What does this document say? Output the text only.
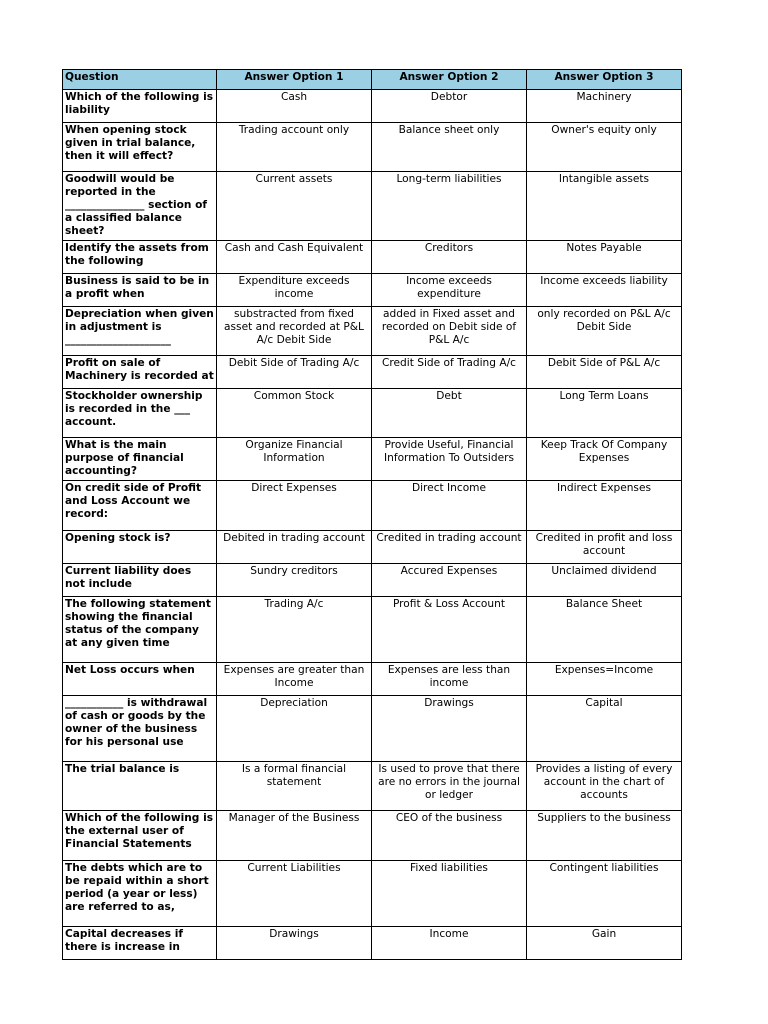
Question	Answer Option 1	Answer Option 2	Answer Option 3
Which of the following is liability	Cash	Debtor	Machinery
When opening stock given in trial balance, then it will effect?	Trading account only	Balance sheet only	Owner's equity only
Goodwill would be reported in the _______________ section of a classified balance sheet?	Current assets	Long-term liabilities	Intangible assets
Identify the assets from the following	Cash and Cash Equivalent	Creditors	Notes Payable
Business is said to be in a profit when	Expenditure exceeds income	Income exceeds expenditure	Income exceeds liability
Depreciation when given in adjustment is ____________________	substracted from fixed asset and recorded at P&L A/c Debit Side	added in Fixed asset and recorded on Debit side of P&L A/c	only recorded on P&L A/c Debit Side
Profit on sale of Machinery is recorded at	Debit Side of Trading A/c	Credit Side of Trading A/c	Debit Side of P&L A/c
Stockholder ownership is recorded in the ___ account.	Common Stock	Debt	Long Term Loans
What is the main purpose of financial accounting?	Organize Financial Information	Provide Useful, Financial Information To Outsiders	Keep Track Of Company Expenses
On credit side of Profit and Loss Account we record:	Direct Expenses	Direct Income	Indirect Expenses
Opening stock is?	Debited in trading account	Credited in trading account	Credited in profit and loss account
Current liability does not include	Sundry creditors	Accured Expenses	Unclaimed dividend
The following statement showing the financial status of the company at any given time	Trading A/c	Profit & Loss Account	Balance Sheet
Net Loss occurs when	Expenses are greater than Income	Expenses are less than income	Expenses=Income
___________ is withdrawal of cash or goods by the owner of the business for his personal use	Depreciation	Drawings	Capital
The trial balance is	Is a formal financial statement	Is used to prove that there are no errors in the journal or ledger	Provides a listing of every account in the chart of accounts
Which of the following is the external user of Financial Statements	Manager of the Business	CEO of the business	Suppliers to the business
The debts which are to be repaid within a short period (a year or less) are referred to as,	Current Liabilities	Fixed liabilities	Contingent liabilities
Capital decreases if there is increase in	Drawings	Income	Gain
